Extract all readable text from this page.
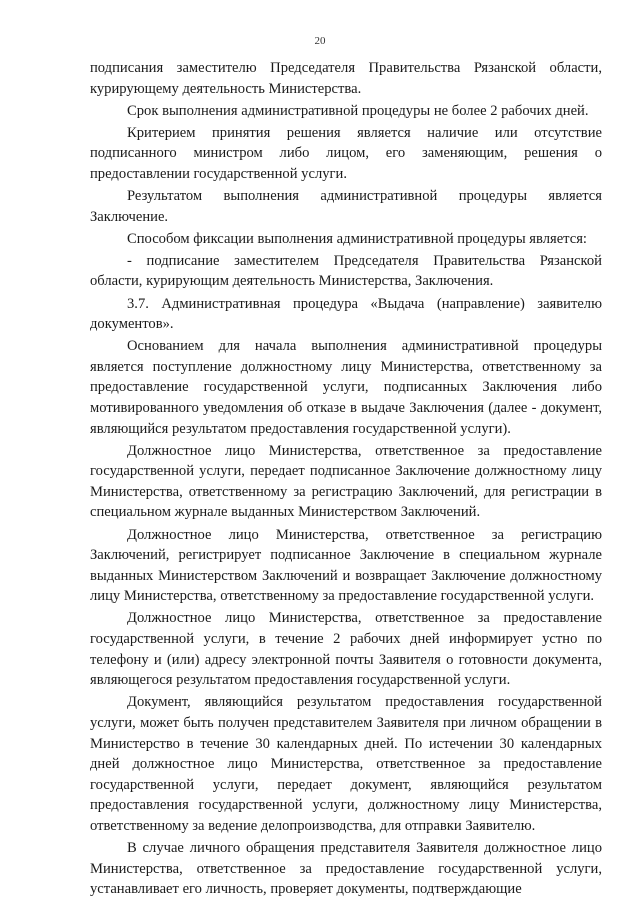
20

подписания заместителю Председателя Правительства Рязанской области, курирующему деятельность Министерства.

Срок выполнения административной процедуры не более 2 рабочих дней.

Критерием принятия решения является наличие или отсутствие подписанного министром либо лицом, его заменяющим, решения о предоставлении государственной услуги.

Результатом выполнения административной процедуры является Заключение.

Способом фиксации выполнения административной процедуры является:

- подписание заместителем Председателя Правительства Рязанской области, курирующим деятельность Министерства, Заключения.

3.7. Административная процедура «Выдача (направление) заявителю документов».

Основанием для начала выполнения административной процедуры является поступление должностному лицу Министерства, ответственному за предоставление государственной услуги, подписанных Заключения либо мотивированного уведомления об отказе в выдаче Заключения (далее - документ, являющийся результатом предоставления государственной услуги).

Должностное лицо Министерства, ответственное за предоставление государственной услуги, передает подписанное Заключение должностному лицу Министерства, ответственному за регистрацию Заключений, для регистрации в специальном журнале выданных Министерством Заключений.

Должностное лицо Министерства, ответственное за регистрацию Заключений, регистрирует подписанное Заключение в специальном журнале выданных Министерством Заключений и возвращает Заключение должностному лицу Министерства, ответственному за предоставление государственной услуги.

Должностное лицо Министерства, ответственное за предоставление государственной услуги, в течение 2 рабочих дней информирует устно по телефону и (или) адресу электронной почты Заявителя о готовности документа, являющегося результатом предоставления государственной услуги.

Документ, являющийся результатом предоставления государственной услуги, может быть получен представителем Заявителя при личном обращении в Министерство в течение 30 календарных дней. По истечении 30 календарных дней должностное лицо Министерства, ответственное за предоставление государственной услуги, передает документ, являющийся результатом предоставления государственной услуги, должностному лицу Министерства, ответственному за ведение делопроизводства, для отправки Заявителю.

В случае личного обращения представителя Заявителя должностное лицо Министерства, ответственное за предоставление государственной услуги, устанавливает его личность, проверяет документы, подтверждающие
